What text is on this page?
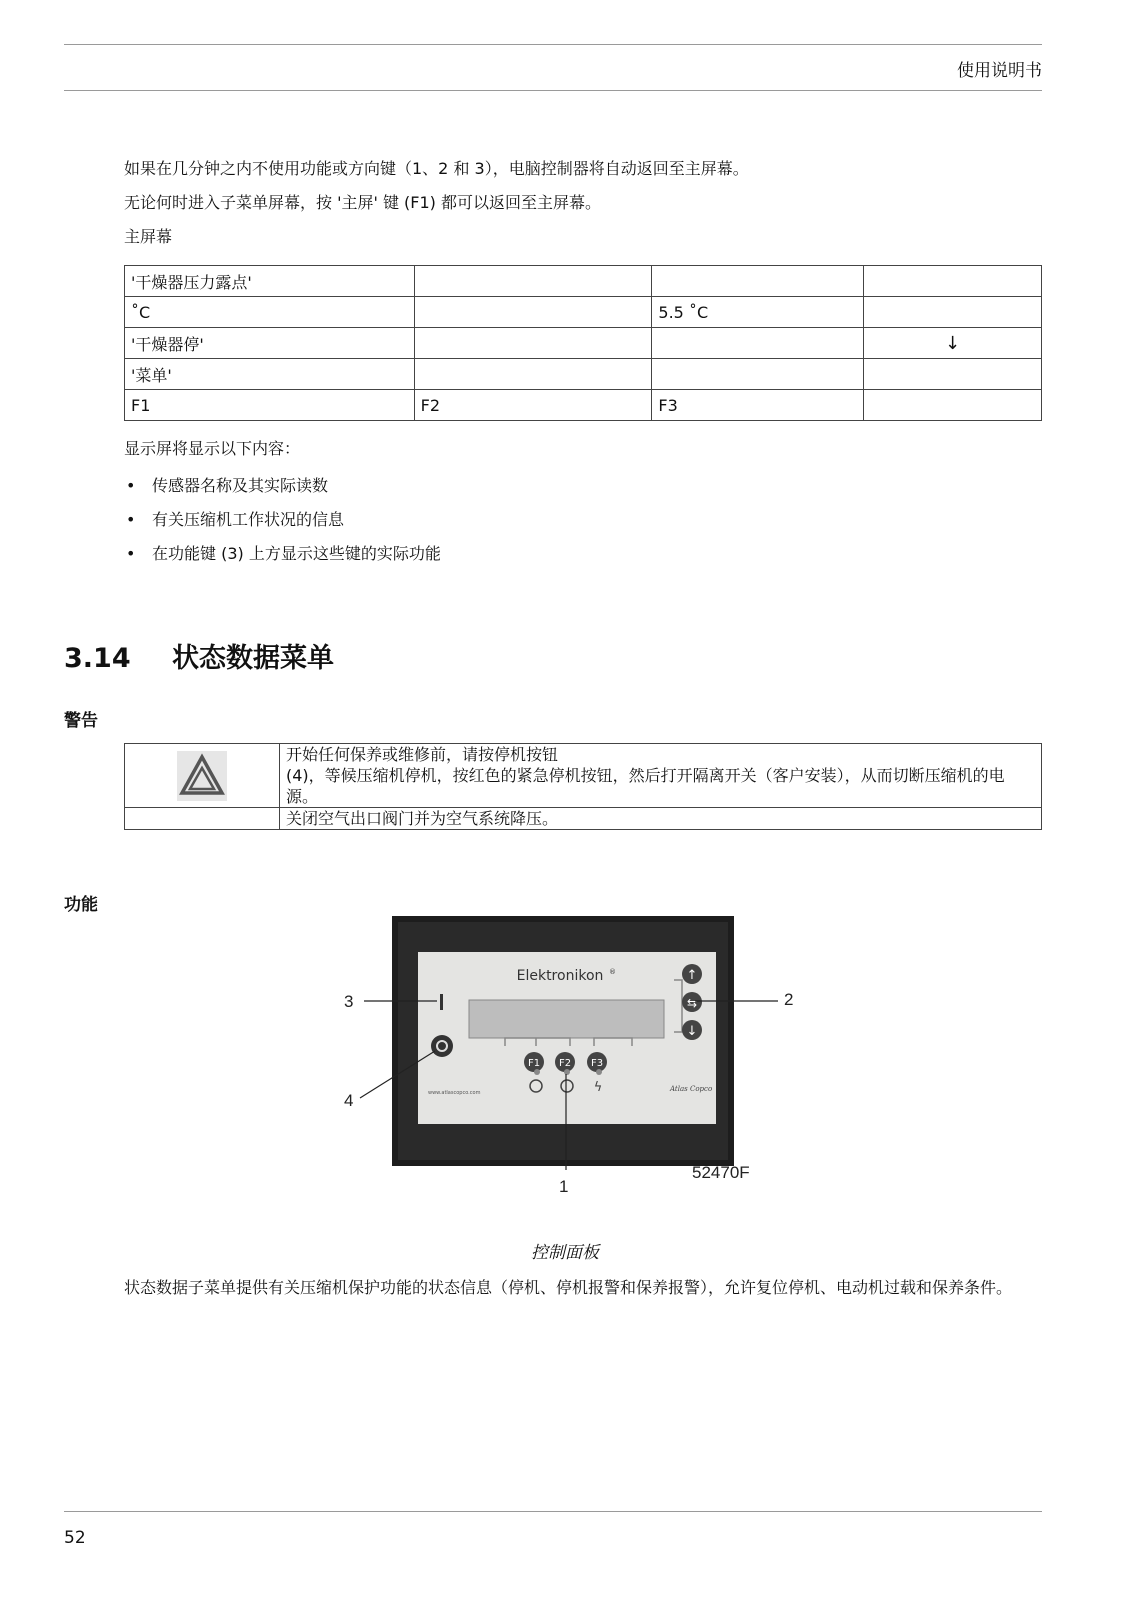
使用说明书
如果在几分钟之内不使用功能或方向键（1、2 和 3），电脑控制器将自动返回至主屏幕。
无论何时进入子菜单屏幕，按 '主屏' 键 (F1) 都可以返回至主屏幕。
主屏幕
'干燥器压力露点'			
˚C		5.5 ˚C	
'干燥器停'			↓
'菜单'			
F1	F2	F3	
显示屏将显示以下内容：
• 传感器名称及其实际读数
• 有关压缩机工作状况的信息
• 在功能键 (3) 上方显示这些键的实际功能
3.14 状态数据菜单
警告

开始任何保养或维修前，请按停机按钮
(4)，等候压缩机停机，按红色的紧急停机按钮，然后打开隔离开关（客户安装），从而切断压缩机的电源。

	关闭空气出口阀门并为空气系统降压。
功能
Elektronikon ®
F1 F2 F3
↑
⇆
↓
ϟ
www.atlascopco.com	Atlas Copco
3	2
4
1
52470F
控制面板
状态数据子菜单提供有关压缩机保护功能的状态信息（停机、停机报警和保养报警），允许复位停机、电动机过载和保养条件。
52
